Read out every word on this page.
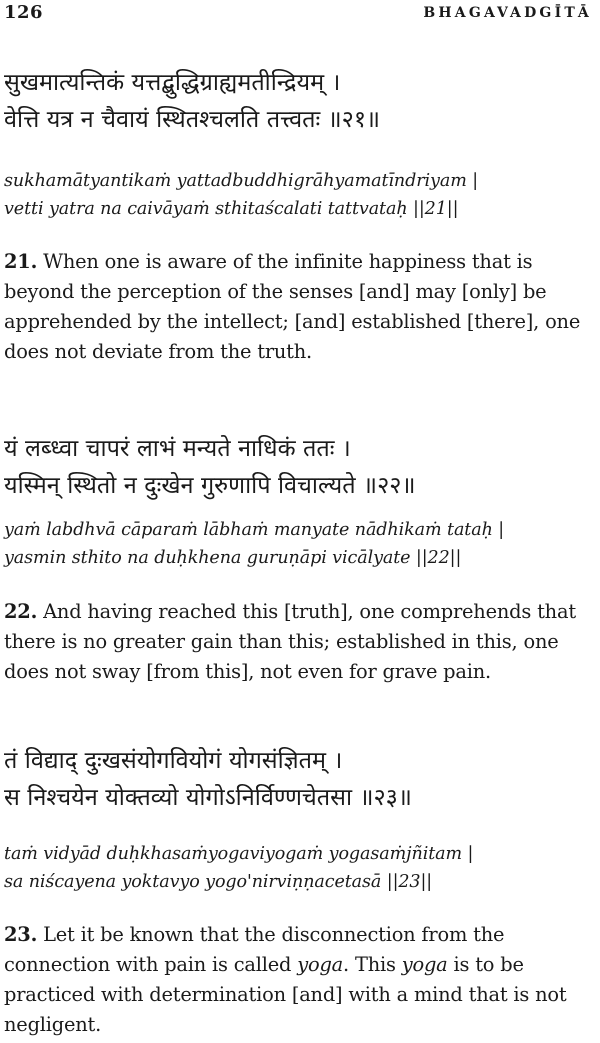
126	BHAGAVADGĪTĀ
सुखमात्यन्तिकं यत्तद्बुद्धिग्राह्यमतीन्द्रियम् ।
वेत्ति यत्र न चैवायं स्थितश्चलति तत्त्वतः ॥२१॥
sukhamātyantikaṁ yattadbuddhigrāhyamatīndriyam |
vetti yatra na caivāyaṁ sthitaścalati tattvataḥ ||21||
21. When one is aware of the infinite happiness that is
beyond the perception of the senses [and] may [only] be
apprehended by the intellect; [and] established [there], one
does not deviate from the truth.
यं लब्ध्वा चापरं लाभं मन्यते नाधिकं ततः ।
यस्मिन् स्थितो न दुःखेन गुरुणापि विचाल्यते ॥२२॥
yaṁ labdhvā cāparaṁ lābhaṁ manyate nādhikaṁ tataḥ |
yasmin sthito na duḥkhena guruṇāpi vicālyate ||22||
22. And having reached this [truth], one comprehends that
there is no greater gain than this; established in this, one
does not sway [from this], not even for grave pain.
तं विद्याद् दुःखसंयोगवियोगं योगसंज्ञितम् ।
स निश्चयेन योक्तव्यो योगोऽनिर्विण्णचेतसा ॥२३॥
taṁ vidyād duḥkhasaṁyogaviyogaṁ yogasaṁjñitam |
sa niścayena yoktavyo yogo'nirviṇṇacetasā ||23||
23. Let it be known that the disconnection from the
connection with pain is called yoga. This yoga is to be
practiced with determination [and] with a mind that is not
negligent.
